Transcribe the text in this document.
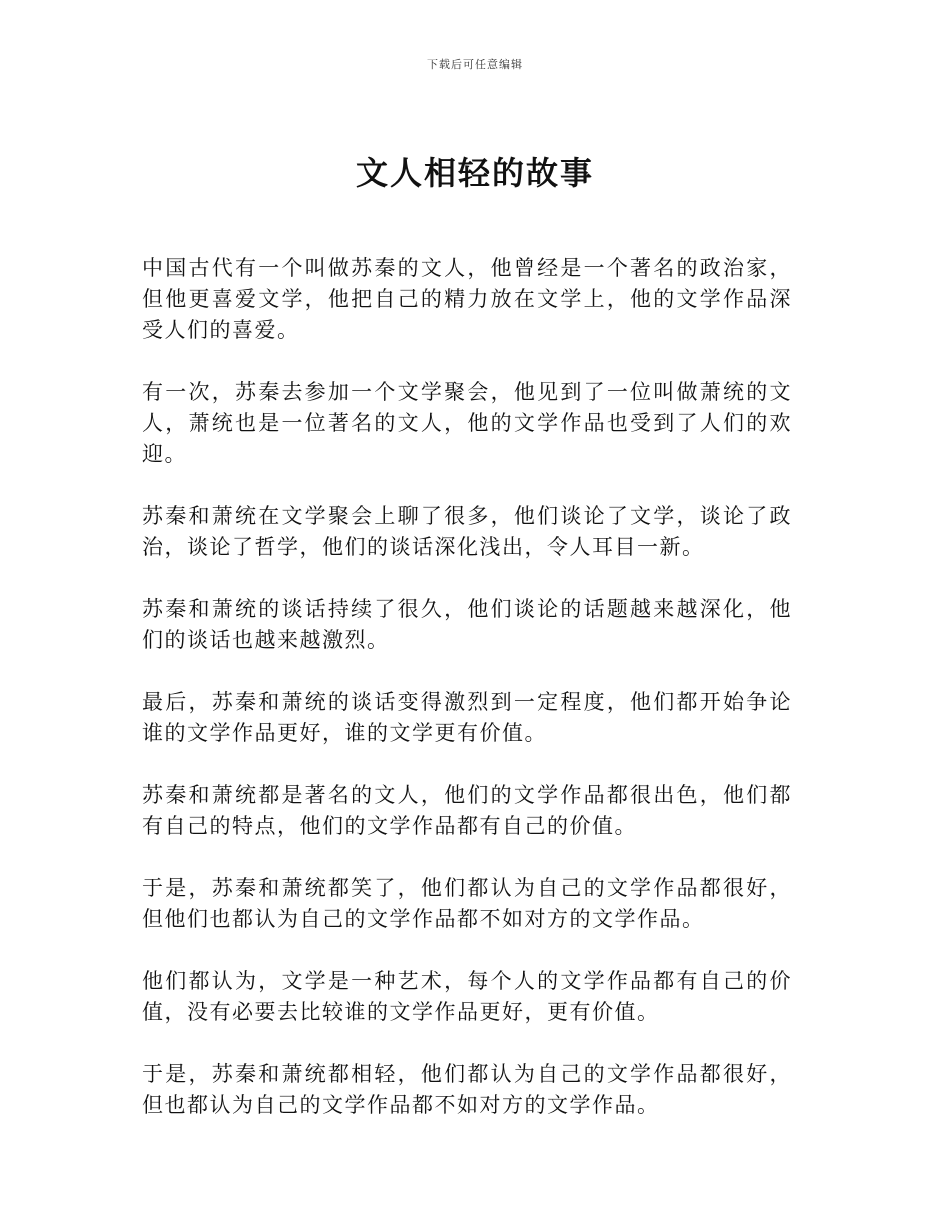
下载后可任意编辑
文人相轻的故事

中国古代有一个叫做苏秦的文人，他曾经是一个著名的政治家，但他更喜爱文学，他把自己的精力放在文学上，他的文学作品深受人们的喜爱。

有一次，苏秦去参加一个文学聚会，他见到了一位叫做萧统的文人，萧统也是一位著名的文人，他的文学作品也受到了人们的欢迎。

苏秦和萧统在文学聚会上聊了很多，他们谈论了文学，谈论了政治，谈论了哲学，他们的谈话深化浅出，令人耳目一新。

苏秦和萧统的谈话持续了很久，他们谈论的话题越来越深化，他们的谈话也越来越激烈。

最后，苏秦和萧统的谈话变得激烈到一定程度，他们都开始争论谁的文学作品更好，谁的文学更有价值。

苏秦和萧统都是著名的文人，他们的文学作品都很出色，他们都有自己的特点，他们的文学作品都有自己的价值。

于是，苏秦和萧统都笑了，他们都认为自己的文学作品都很好，但他们也都认为自己的文学作品都不如对方的文学作品。

他们都认为，文学是一种艺术，每个人的文学作品都有自己的价值，没有必要去比较谁的文学作品更好，更有价值。

于是，苏秦和萧统都相轻，他们都认为自己的文学作品都很好，但也都认为自己的文学作品都不如对方的文学作品。
